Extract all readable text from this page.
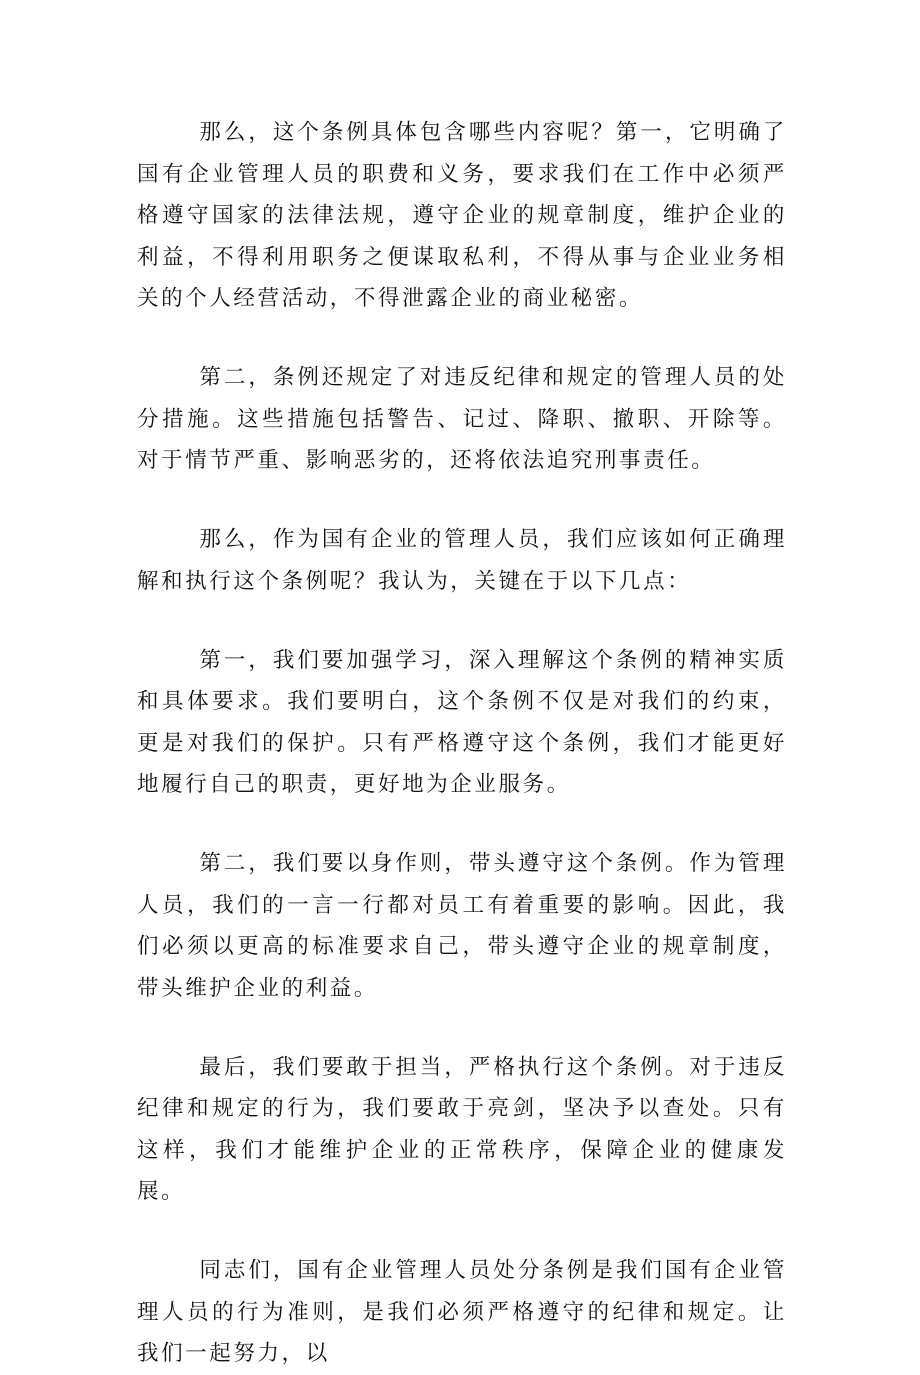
那么，这个条例具体包含哪些内容呢？第一，它明确了国有企业管理人员的职费和义务，要求我们在工作中必须严格遵守国家的法律法规，遵守企业的规章制度，维护企业的利益，不得利用职务之便谋取私利，不得从事与企业业务相关的个人经营活动，不得泄露企业的商业秘密。

第二，条例还规定了对违反纪律和规定的管理人员的处分措施。这些措施包括警告、记过、降职、撤职、开除等。对于情节严重、影响恶劣的，还将依法追究刑事责任。

那么，作为国有企业的管理人员，我们应该如何正确理解和执行这个条例呢？我认为，关键在于以下几点：

第一，我们要加强学习，深入理解这个条例的精神实质和具体要求。我们要明白，这个条例不仅是对我们的约束，更是对我们的保护。只有严格遵守这个条例，我们才能更好地履行自己的职责，更好地为企业服务。

第二，我们要以身作则，带头遵守这个条例。作为管理人员，我们的一言一行都对员工有着重要的影响。因此，我们必须以更高的标准要求自己，带头遵守企业的规章制度，带头维护企业的利益。

最后，我们要敢于担当，严格执行这个条例。对于违反纪律和规定的行为，我们要敢于亮剑，坚决予以查处。只有这样，我们才能维护企业的正常秩序，保障企业的健康发展。

同志们，国有企业管理人员处分条例是我们国有企业管理人员的行为准则，是我们必须严格遵守的纪律和规定。让我们一起努力，以
